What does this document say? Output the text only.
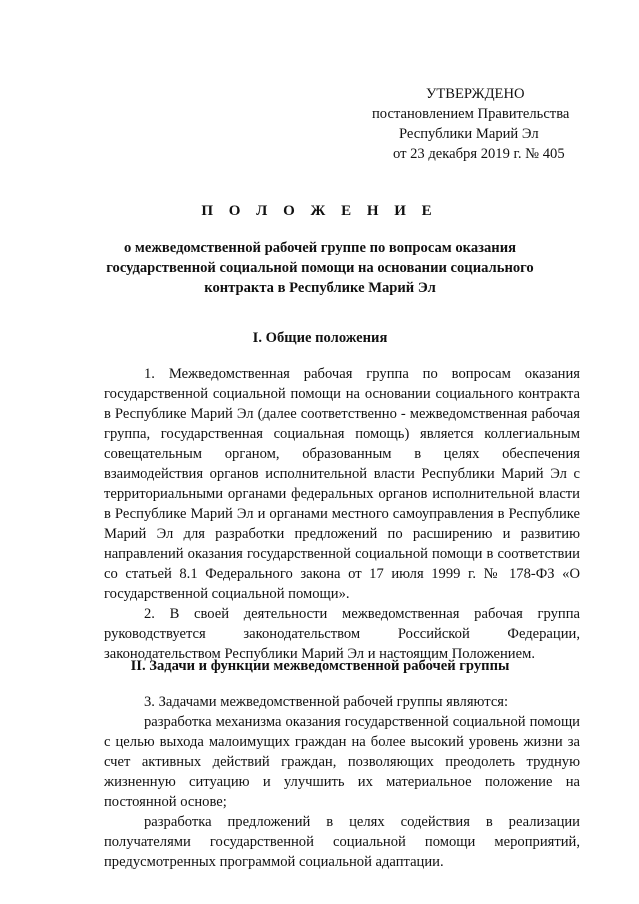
УТВЕРЖДЕНО
постановлением Правительства
Республики Марий Эл
от 23 декабря 2019 г. № 405
П О Л О Ж Е Н И Е
о межведомственной рабочей группе по вопросам оказания государственной социальной помощи на основании социального контракта в Республике Марий Эл
I. Общие положения

1. Межведомственная рабочая группа по вопросам оказания государственной социальной помощи на основании социального контракта в Республике Марий Эл (далее соответственно - межведомственная рабочая группа, государственная социальная помощь) является коллегиальным совещательным органом, образованным в целях обеспечения взаимодействия органов исполнительной власти Республики Марий Эл с территориальными органами федеральных органов исполнительной власти в Республике Марий Эл и органами местного самоуправления в Республике Марий Эл для разработки предложений по расширению и развитию направлений оказания государственной социальной помощи в соответствии со статьей 8.1 Федерального закона от 17 июля 1999 г. № 178-ФЗ «О государственной социальной помощи».

2. В своей деятельности межведомственная рабочая группа руководствуется законодательством Российской Федерации, законодательством Республики Марий Эл и настоящим Положением.

II. Задачи и функции межведомственной рабочей группы

3. Задачами межведомственной рабочей группы являются:

разработка механизма оказания государственной социальной помощи с целью выхода малоимущих граждан на более высокий уровень жизни за счет активных действий граждан, позволяющих преодолеть трудную жизненную ситуацию и улучшить их материальное положение на постоянной основе;

разработка предложений в целях содействия в реализации получателями государственной социальной помощи мероприятий, предусмотренных программой социальной адаптации.
